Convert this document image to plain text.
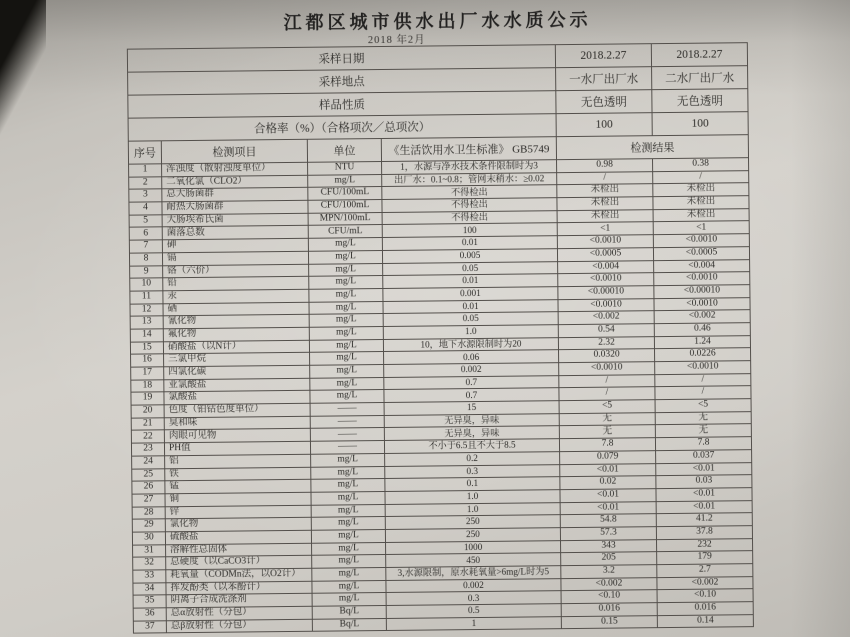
江都区城市供水出厂水水质公示
2018 年2月
采样日期				2018.2.27	2018.2.27
采样地点				一水厂出厂水	二水厂出厂水
样品性质				无色透明	无色透明
合格率（%）（合格项次／总项次）				100	100
序号	检测项目	单位	《生活饮用水卫生标准》 GB5749	检测结果	
1	浑浊度（散射浊度单位）	NTU	1，水源与净水技术条件限制时为3	0.98	0.38
2	二氧化氯（CLO2）	mg/L	出厂水：0.1~0.8；管网末稍水：≥0.02	/	/
3	总大肠菌群	CFU/100mL	不得检出	未检出	未检出
4	耐热大肠菌群	CFU/100mL	不得检出	未检出	未检出
5	大肠埃希氏菌	MPN/100mL	不得检出	未检出	未检出
6	菌落总数	CFU/mL	100	<1	<1
7	砷	mg/L	0.01	<0.0010	<0.0010
8	镉	mg/L	0.005	<0.0005	<0.0005
9	铬（六价）	mg/L	0.05	<0.004	<0.004
10	铅	mg/L	0.01	<0.0010	<0.0010
11	汞	mg/L	0.001	<0.00010	<0.00010
12	硒	mg/L	0.01	<0.0010	<0.0010
13	氰化物	mg/L	0.05	<0.002	<0.002
14	氟化物	mg/L	1.0	0.54	0.46
15	硝酸盐（以N计）	mg/L	10，地下水源限制时为20	2.32	1.24
16	三氯甲烷	mg/L	0.06	0.0320	0.0226
17	四氯化碳	mg/L	0.002	<0.0010	<0.0010
18	亚氯酸盐	mg/L	0.7	/	/
19	氯酸盐	mg/L	0.7	/	/
20	色度（铂钴色度单位）	——	15	<5	<5
21	臭和味	——	无异臭，异味	无	无
22	肉眼可见物	——	无异臭，异味	无	无
23	PH值	——	不小于6.5且不大于8.5	7.8	7.8
24	铝	mg/L	0.2	0.079	0.037
25	铁	mg/L	0.3	<0.01	<0.01
26	锰	mg/L	0.1	0.02	0.03
27	铜	mg/L	1.0	<0.01	<0.01
28	锌	mg/L	1.0	<0.01	<0.01
29	氯化物	mg/L	250	54.8	41.2
30	硫酸盐	mg/L	250	57.3	37.8
31	溶解性总固体	mg/L	1000	343	232
32	总硬度（以CaCO3计）	mg/L	450	205	179
33	耗氧量（CODMn法，以O2计）	mg/L	3,水源限制，原水耗氧量>6mg/L时为5	3.2	2.7
34	挥发酚类（以苯酚计）	mg/L	0.002	<0.002	<0.002
35	阴离子合成洗涤剂	mg/L	0.3	<0.10	<0.10
36	总α放射性（分包）	Bq/L	0.5	0.016	0.016
37	总β放射性（分包）	Bq/L	1	0.15	0.14
